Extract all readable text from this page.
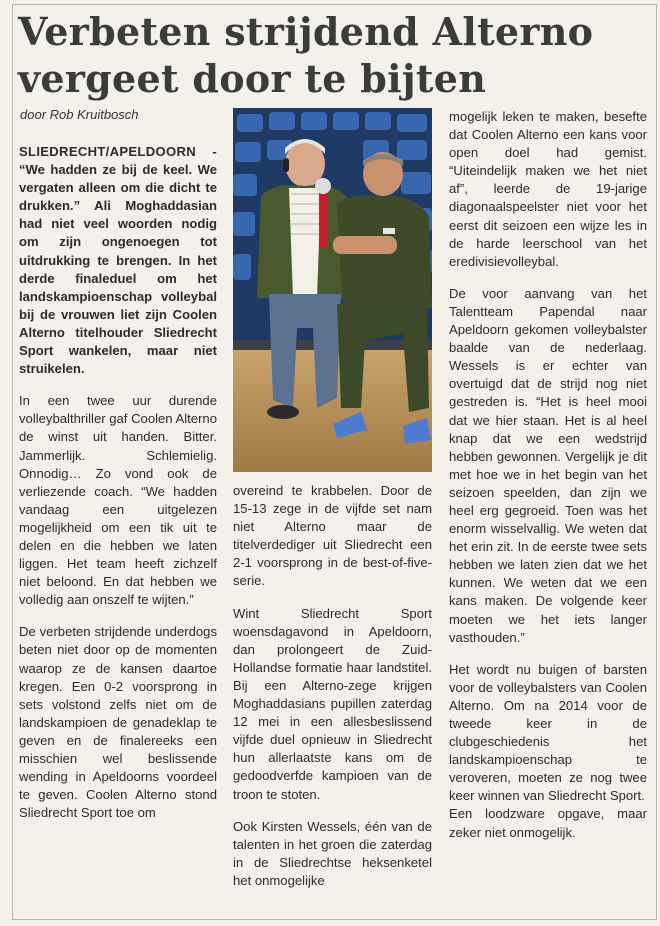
Verbeten strijdend Alterno
vergeet door te bijten
door Rob Kruitbosch

SLIEDRECHT/APELDOORN - “We hadden ze bij de keel. We vergaten alleen om die dicht te drukken.” Ali Moghaddasian had niet veel woorden nodig om zijn ongenoegen tot uitdrukking te brengen. In het derde finaleduel om het landskampioenschap volleybal bij de vrouwen liet zijn Coolen Alterno titelhouder Sliedrecht Sport wankelen, maar niet struikelen.

In een twee uur durende volleybalthriller gaf Coolen Alterno de winst uit handen. Bitter. Jammerlijk. Schlemielig. Onnodig… Zo vond ook de verliezende coach. “We hadden vandaag een uitgelezen mogelijkheid om een tik uit te delen en die hebben we laten liggen. Het team heeft zichzelf niet beloond. En dat hebben we volledig aan onszelf te wijten.”

De verbeten strijdende underdogs beten niet door op de momenten waarop ze de kansen daartoe kregen. Een 0-2 voorsprong in sets volstond zelfs niet om de landskampioen de genadeklap te geven en de finalereeks een misschien wel beslissende wending in Apeldoorns voordeel te geven. Coolen Alterno stond Sliedrecht Sport toe om

overeind te krabbelen. Door de 15-13 zege in de vijfde set nam niet Alterno maar de titelverdediger uit Sliedrecht een 2-1 voorsprong in de best-of-five-serie.

Wint Sliedrecht Sport woensdagavond in Apeldoorn, dan prolongeert de Zuid-Hollandse formatie haar landstitel. Bij een Alterno-zege krijgen Moghaddasians pupillen zaterdag 12 mei in een allesbeslissend vijfde duel opnieuw in Sliedrecht hun allerlaatste kans om de gedoodverfde kampioen van de troon te stoten.

Ook Kirsten Wessels, één van de talenten in het groen die zaterdag in de Sliedrechtse heksenketel het onmogelijke

mogelijk leken te maken, besefte dat Coolen Alterno een kans voor open doel had gemist. “Uiteindelijk maken we het niet af”, leerde de 19-jarige diagonaalspeelster niet voor het eerst dit seizoen een wijze les in de harde leerschool van het eredivisievolleybal.

De voor aanvang van het Talentteam Papendal naar Apeldoorn gekomen volleybalster baalde van de nederlaag. Wessels is er echter van overtuigd dat de strijd nog niet gestreden is. “Het is heel mooi dat we hier staan. Het is al heel knap dat we een wedstrijd hebben gewonnen. Vergelijk je dit met hoe we in het begin van het seizoen speelden, dan zijn we heel erg gegroeid. Toen was het enorm wisselvallig. We weten dat het erin zit. In de eerste twee sets hebben we laten zien dat we het kunnen. We weten dat we een kans maken. De volgende keer moeten we het iets langer vasthouden.”

Het wordt nu buigen of barsten voor de volleybalsters van Coolen Alterno. Om na 2014 voor de tweede keer in de clubgeschiedenis het landskampioenschap te veroveren, moeten ze nog twee keer winnen van Sliedrecht Sport.

Een loodzware opgave, maar zeker niet onmogelijk.
